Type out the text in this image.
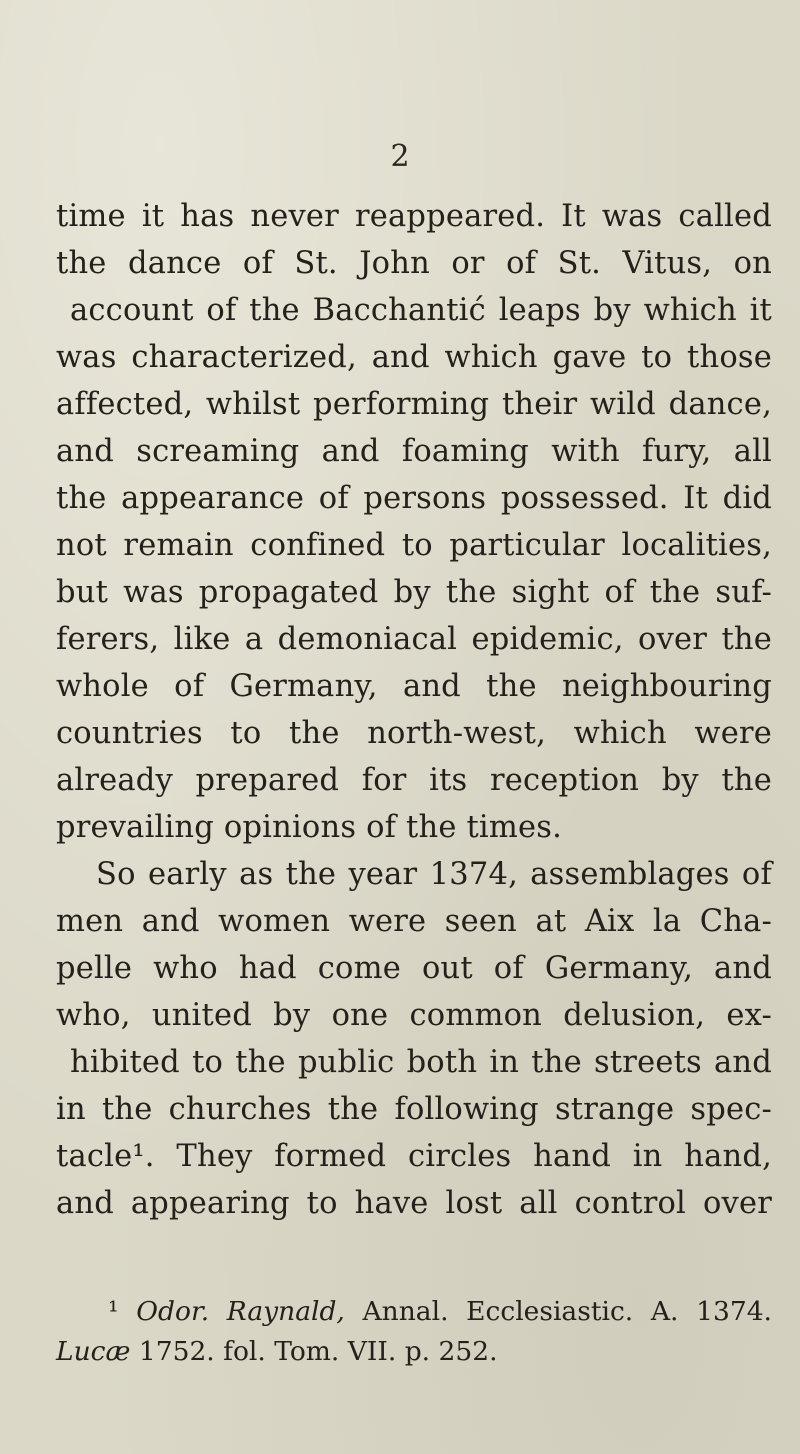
2
time it has never reappeared. It was called
the dance of St. John or of St. Vitus, on
account of the Bacchantić leaps by which it
was characterized, and which gave to those
affected, whilst performing their wild dance,
and screaming and foaming with fury, all
the appearance of persons possessed. It did
not remain confined to particular localities,
but was propagated by the sight of the suf-
ferers, like a demoniacal epidemic, over the
whole of Germany, and the neighbouring
countries to the north-west, which were
already prepared for its reception by the
prevailing opinions of the times.
So early as the year 1374, assemblages of
men and women were seen at Aix la Cha-
pelle who had come out of Germany, and
who, united by one common delusion, ex-
hibited to the public both in the streets and
in the churches the following strange spec-
tacle¹. They formed circles hand in hand,
and appearing to have lost all control over
¹ Odor. Raynald, Annal. Ecclesiastic. A. 1374.
Lucæ 1752. fol. Tom. VII. p. 252.
